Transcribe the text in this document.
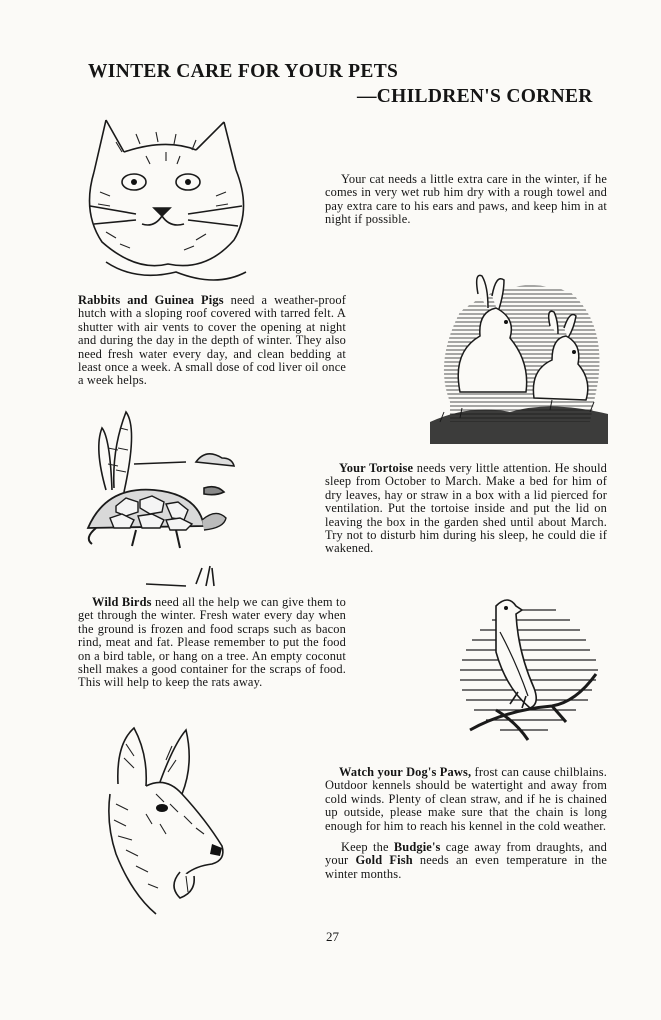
WINTER CARE FOR YOUR PETS
—CHILDREN'S CORNER

Your cat needs a little extra care in the winter, if he comes in very wet rub him dry with a rough towel and pay extra care to his ears and paws, and keep him in at night if possible.

Rabbits and Guinea Pigs need a weather-proof hutch with a sloping roof covered with tarred felt. A shutter with air vents to cover the opening at night and during the day in the depth of winter. They also need fresh water every day, and clean bedding at least once a week. A small dose of cod liver oil once a week helps.

Your Tortoise needs very little attention. He should sleep from October to March. Make a bed for him of dry leaves, hay or straw in a box with a lid pierced for ventilation. Put the tortoise inside and put the lid on leaving the box in the garden shed until about March. Try not to disturb him during his sleep, he could die if wakened.

Wild Birds need all the help we can give them to get through the winter. Fresh water every day when the ground is frozen and food scraps such as bacon rind, meat and fat. Please remember to put the food on a bird table, or hang on a tree. An empty coconut shell makes a good container for the scraps of food. This will help to keep the rats away.

Watch your Dog's Paws, frost can cause chilblains. Outdoor kennels should be watertight and away from cold winds. Plenty of clean straw, and if he is chained up outside, please make sure that the chain is long enough for him to reach his kennel in the cold weather.

Keep the Budgie's cage away from draughts, and your Gold Fish needs an even temperature in the winter months.

27
